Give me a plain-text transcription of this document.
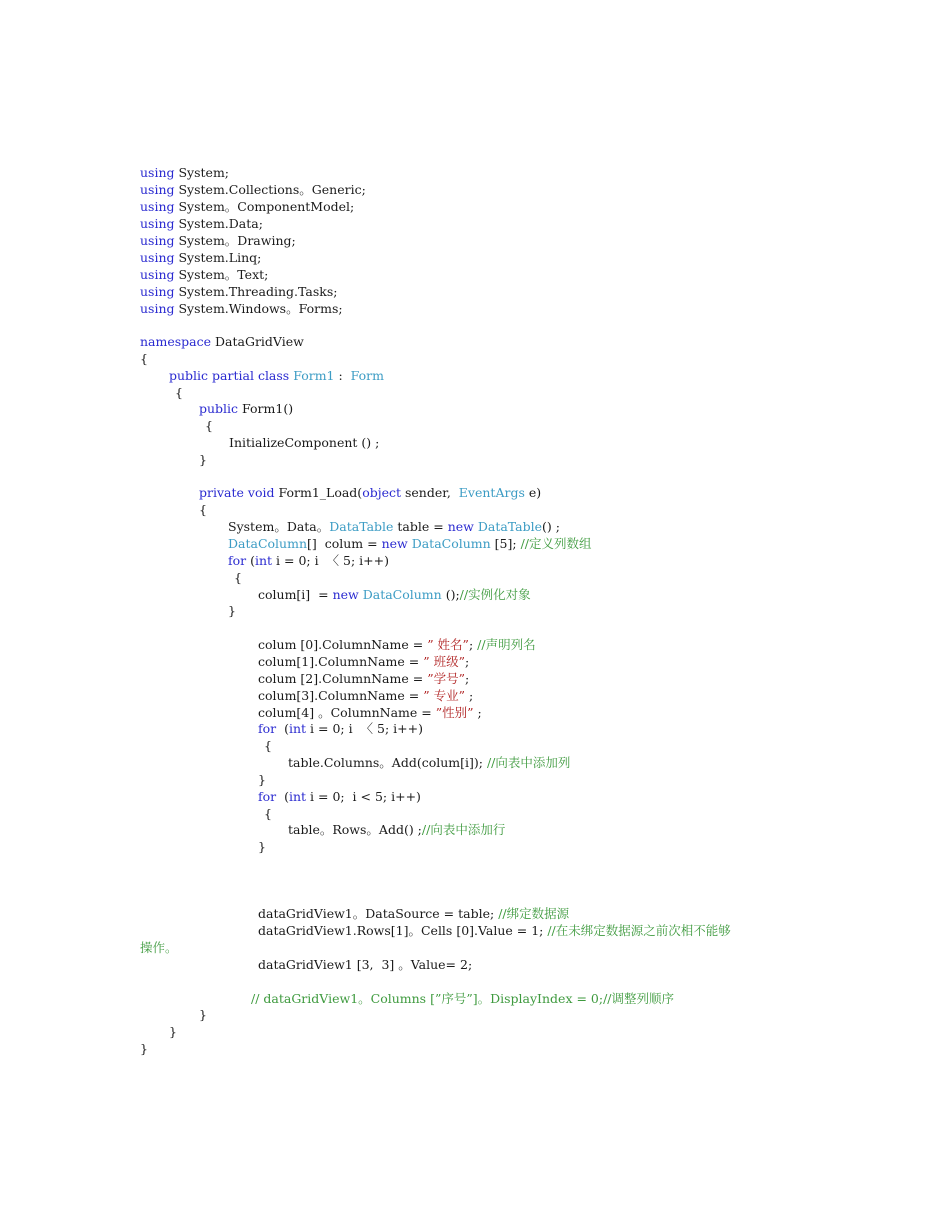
using System;
using System.Collections。Generic;
using System。ComponentModel;
using System.Data;
using System。Drawing;
using System.Linq;
using System。Text;
using System.Threading.Tasks;
using System.Windows。Forms;
namespace DataGridView
{
public partial class Form1 :  Form
{
public Form1()
{
InitializeComponent () ;
}
private void Form1_Load(object sender,  EventArgs e)
{
System。Data。DataTable table = new DataTable() ;
DataColumn[]  colum = new DataColumn [5]; //定义列数组
for (int i = 0; i  〈 5; i++)
{
colum[i]  = new DataColumn ();//实例化对象
}
colum [0].ColumnName = ” 姓名”; //声明列名
colum[1].ColumnName = ” 班级”;
colum [2].ColumnName = ”学号”;
colum[3].ColumnName = ” 专业” ;
colum[4] 。ColumnName = ”性别” ;
for  (int i = 0; i  〈 5; i++)
{
table.Columns。Add(colum[i]); //向表中添加列
}
for  (int i = 0;  i < 5; i++)
{
table。Rows。Add() ;//向表中添加行
}
dataGridView1。DataSource = table; //绑定数据源
dataGridView1.Rows[1]。Cells [0].Value = 1; //在未绑定数据源之前次相不能够
操作。
dataGridView1 [3,  3] 。Value= 2;
// dataGridView1。Columns [”序号”]。DisplayIndex = 0;//调整列顺序
}
}
}
